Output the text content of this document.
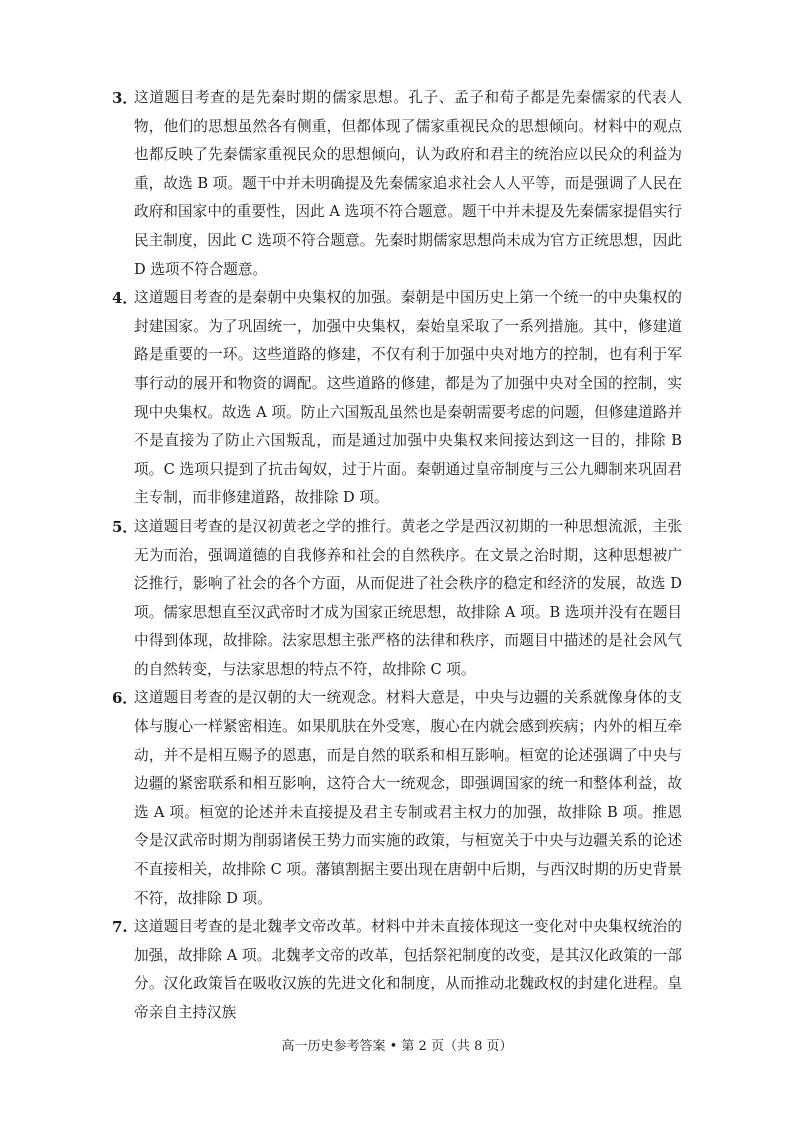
3．

这道题目考查的是先秦时期的儒家思想。孔子、孟子和荀子都是先秦儒家的代表人物，他们的思想虽然各有侧重，但都体现了儒家重视民众的思想倾向。材料中的观点也都反映了先秦儒家重视民众的思想倾向，认为政府和君主的统治应以民众的利益为重，故选 B 项。题干中并未明确提及先秦儒家追求社会人人平等，而是强调了人民在政府和国家中的重要性，因此 A 选项不符合题意。题干中并未提及先秦儒家提倡实行民主制度，因此 C 选项不符合题意。先秦时期儒家思想尚未成为官方正统思想，因此 D 选项不符合题意。

4．

这道题目考查的是秦朝中央集权的加强。秦朝是中国历史上第一个统一的中央集权的封建国家。为了巩固统一，加强中央集权，秦始皇采取了一系列措施。其中，修建道路是重要的一环。这些道路的修建，不仅有利于加强中央对地方的控制，也有利于军事行动的展开和物资的调配。这些道路的修建，都是为了加强中央对全国的控制，实现中央集权。故选 A 项。防止六国叛乱虽然也是秦朝需要考虑的问题，但修建道路并不是直接为了防止六国叛乱，而是通过加强中央集权来间接达到这一目的，排除 B 项。C 选项只提到了抗击匈奴，过于片面。秦朝通过皇帝制度与三公九卿制来巩固君主专制，而非修建道路，故排除 D 项。

5．

这道题目考查的是汉初黄老之学的推行。黄老之学是西汉初期的一种思想流派，主张无为而治，强调道德的自我修养和社会的自然秩序。在文景之治时期，这种思想被广泛推行，影响了社会的各个方面，从而促进了社会秩序的稳定和经济的发展，故选 D 项。儒家思想直至汉武帝时才成为国家正统思想，故排除 A 项。B 选项并没有在题目中得到体现，故排除。法家思想主张严格的法律和秩序，而题目中描述的是社会风气的自然转变，与法家思想的特点不符，故排除 C 项。

6．

这道题目考查的是汉朝的大一统观念。材料大意是，中央与边疆的关系就像身体的支体与腹心一样紧密相连。如果肌肤在外受寒，腹心在内就会感到疾病；内外的相互牵动，并不是相互赐予的恩惠，而是自然的联系和相互影响。桓宽的论述强调了中央与边疆的紧密联系和相互影响，这符合大一统观念，即强调国家的统一和整体利益，故选 A 项。桓宽的论述并未直接提及君主专制或君主权力的加强，故排除 B 项。推恩令是汉武帝时期为削弱诸侯王势力而实施的政策，与桓宽关于中央与边疆关系的论述不直接相关，故排除 C 项。藩镇割据主要出现在唐朝中后期，与西汉时期的历史背景不符，故排除 D 项。

7. 这道题目考查的是北魏孝文帝改革。材料中并未直接体现这一变化对中央集权统治的加强，故排除 A 项。北魏孝文帝的改革，包括祭祀制度的改变，是其汉化政策的一部分。汉化政策旨在吸收汉族的先进文化和制度，从而推动北魏政权的封建化进程。皇帝亲自主持汉族

高一历史参考答案 • 第 2 页（共 8 页）
